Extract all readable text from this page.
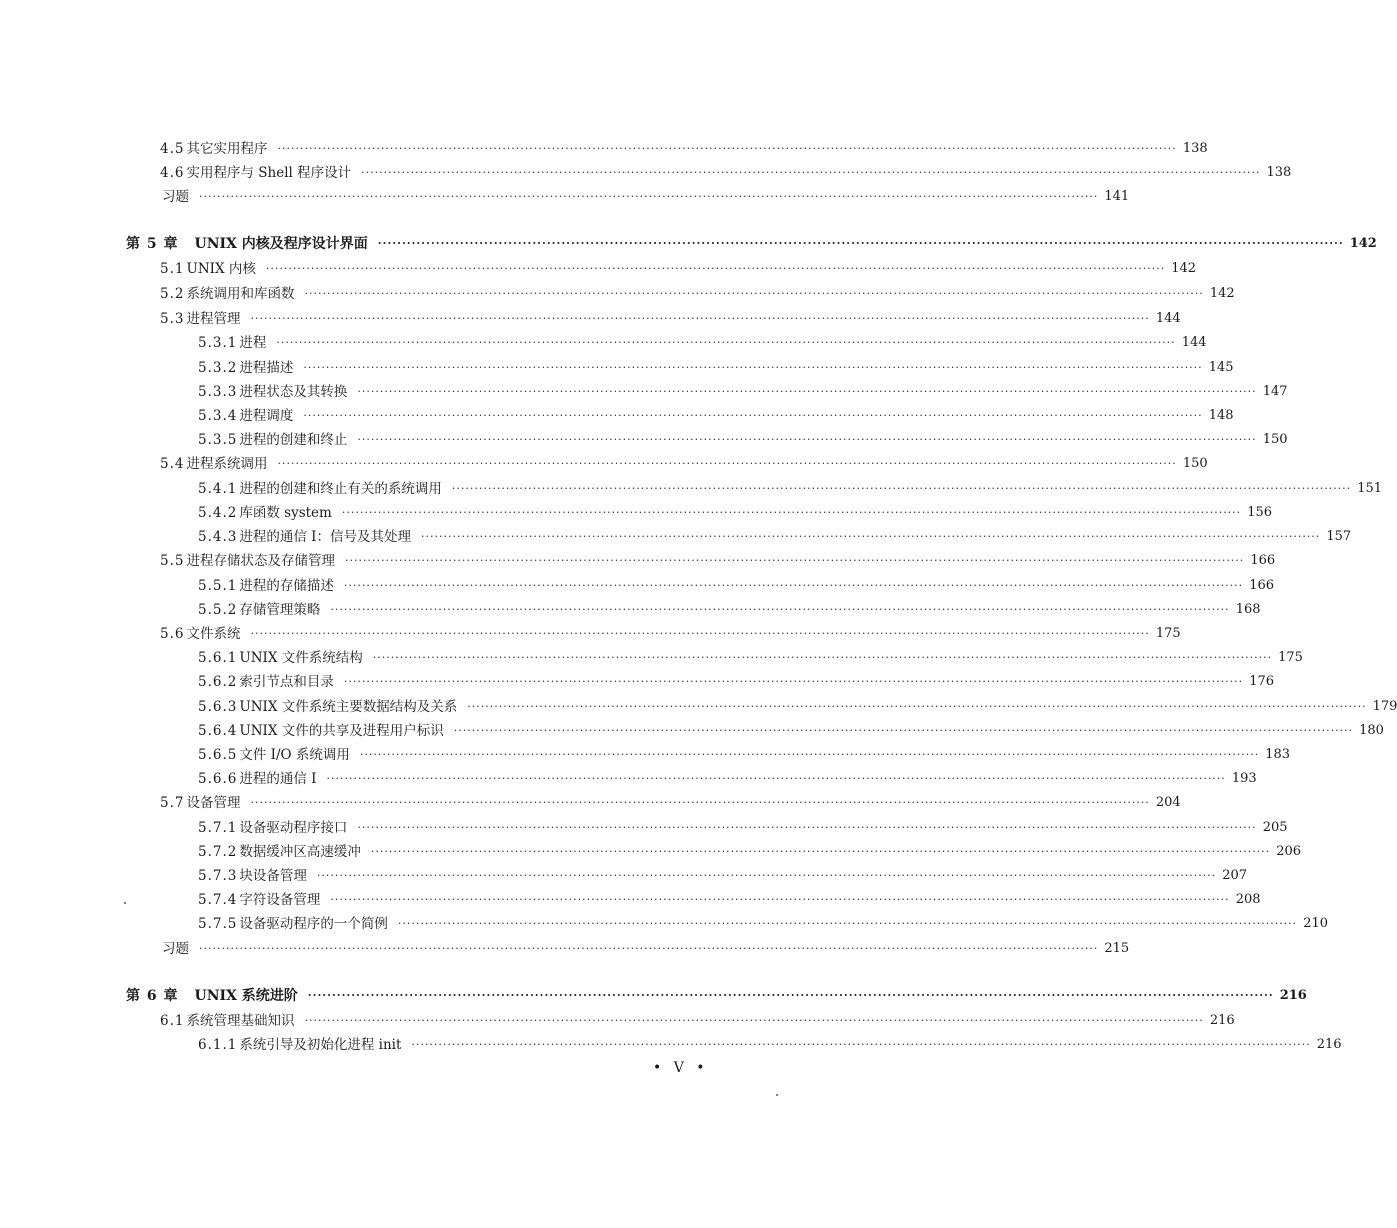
4.5 其它实用程序 ········································································································································································································ 138
4.6 实用程序与 Shell 程序设计 ········································································································································································································ 138
习题 ········································································································································································································ 141
第 5 章 UNIX 内核及程序设计界面 ········································································································································································································ 142
5.1 UNIX 内核 ········································································································································································································ 142
5.2 系统调用和库函数 ········································································································································································································ 142
5.3 进程管理 ········································································································································································································ 144
5.3.1 进程 ········································································································································································································ 144
5.3.2 进程描述 ········································································································································································································ 145
5.3.3 进程状态及其转换 ········································································································································································································ 147
5.3.4 进程调度 ········································································································································································································ 148
5.3.5 进程的创建和终止 ········································································································································································································ 150
5.4 进程系统调用 ········································································································································································································ 150
5.4.1 进程的创建和终止有关的系统调用 ········································································································································································································ 151
5.4.2 库函数 system ········································································································································································································ 156
5.4.3 进程的通信 I：信号及其处理 ········································································································································································································ 157
5.5 进程存储状态及存储管理 ········································································································································································································ 166
5.5.1 进程的存储描述 ········································································································································································································ 166
5.5.2 存储管理策略 ········································································································································································································ 168
5.6 文件系统 ········································································································································································································ 175
5.6.1 UNIX 文件系统结构 ········································································································································································································ 175
5.6.2 索引节点和目录 ········································································································································································································ 176
5.6.3 UNIX 文件系统主要数据结构及关系 ········································································································································································································ 179
5.6.4 UNIX 文件的共享及进程用户标识 ········································································································································································································ 180
5.6.5 文件 I/O 系统调用 ········································································································································································································ 183
5.6.6 进程的通信 I ········································································································································································································ 193
5.7 设备管理 ········································································································································································································ 204
5.7.1 设备驱动程序接口 ········································································································································································································ 205
5.7.2 数据缓冲区高速缓冲 ········································································································································································································ 206
5.7.3 块设备管理 ········································································································································································································ 207
5.7.4 字符设备管理 ········································································································································································································ 208
5.7.5 设备驱动程序的一个简例 ········································································································································································································ 210
习题 ········································································································································································································ 215
第 6 章 UNIX 系统进阶 ········································································································································································································ 216
6.1 系统管理基础知识 ········································································································································································································ 216
6.1.1 系统引导及初始化进程 init ········································································································································································································ 216
• V •
